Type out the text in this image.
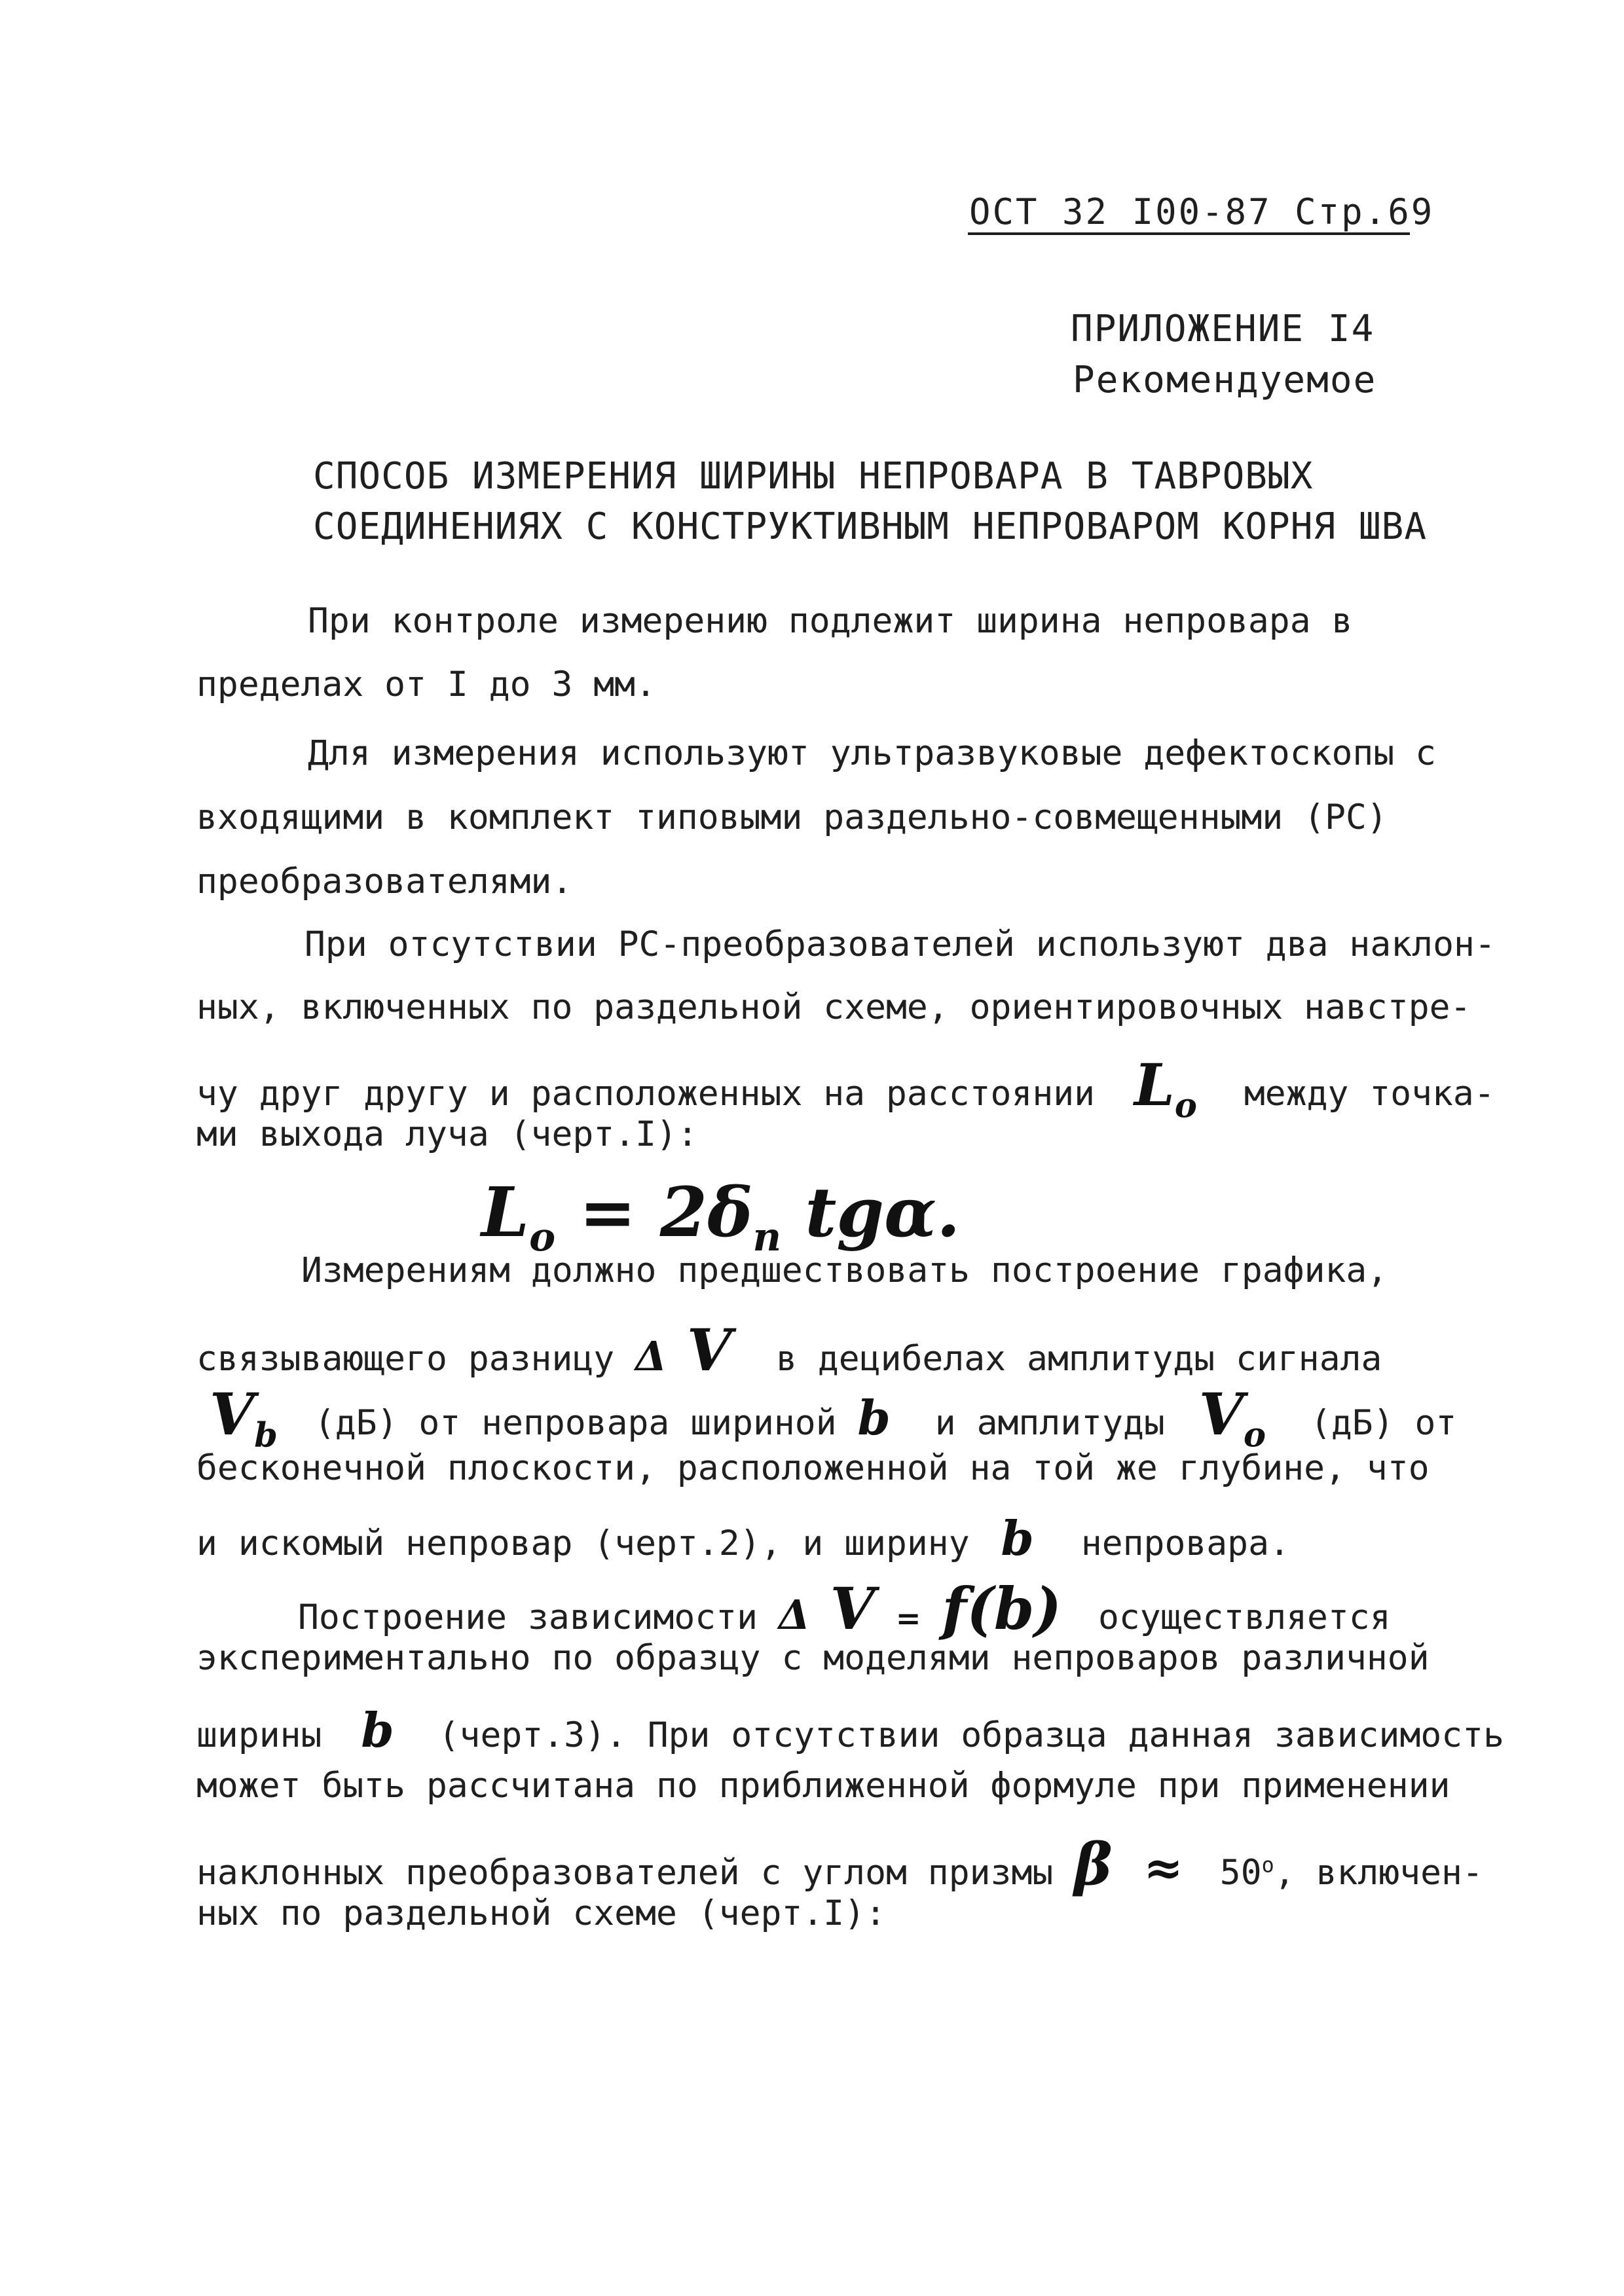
ОСТ 32 I00-87 Стр.69
ПРИЛОЖЕНИЕ I4
Рекомендуемое
СПОСОБ ИЗМЕРЕНИЯ ШИРИНЫ НЕПРОВАРА В ТАВРОВЫХ
СОЕДИНЕНИЯХ С КОНСТРУКТИВНЫМ НЕПРОВАРОМ КОРНЯ ШВА
При контроле измерению подлежит ширина непровара в
пределах от I до 3 мм.
Для измерения используют ультразвуковые дефектоскопы с
входящими в комплект типовыми раздельно-совмещенными (РС)
преобразователями.
При отсутствии РС-преобразователей используют два наклон-
ных, включенных по раздельной схеме, ориентировочных навстре-
чу друг другу и расположенных на расстоянии $L_o$ между точка-
ми выхода луча (черт.I):
$L_o = 2\delta_n$ tgα.
Измерениям должно предшествовать построение графика,
связывающего разницу Δ V в децибелах амплитуды сигнала
$V_b$ (дБ) от непровара шириной b и амплитуды $V_o$ (дБ) от
бесконечной плоскости, расположенной на той же глубине, что
и искомый непровар (черт.2), и ширину b непровара.
Построение зависимости Δ V = f(b) осуществляется
экспериментально по образцу с моделями непроваров различной
ширины b (черт.3). При отсутствии образца данная зависимость
может быть рассчитана по приближенной формуле при применении
наклонных преобразователей с углом призмы $\beta \approx 50^o$, включен-
ных по раздельной схеме (черт.I):
